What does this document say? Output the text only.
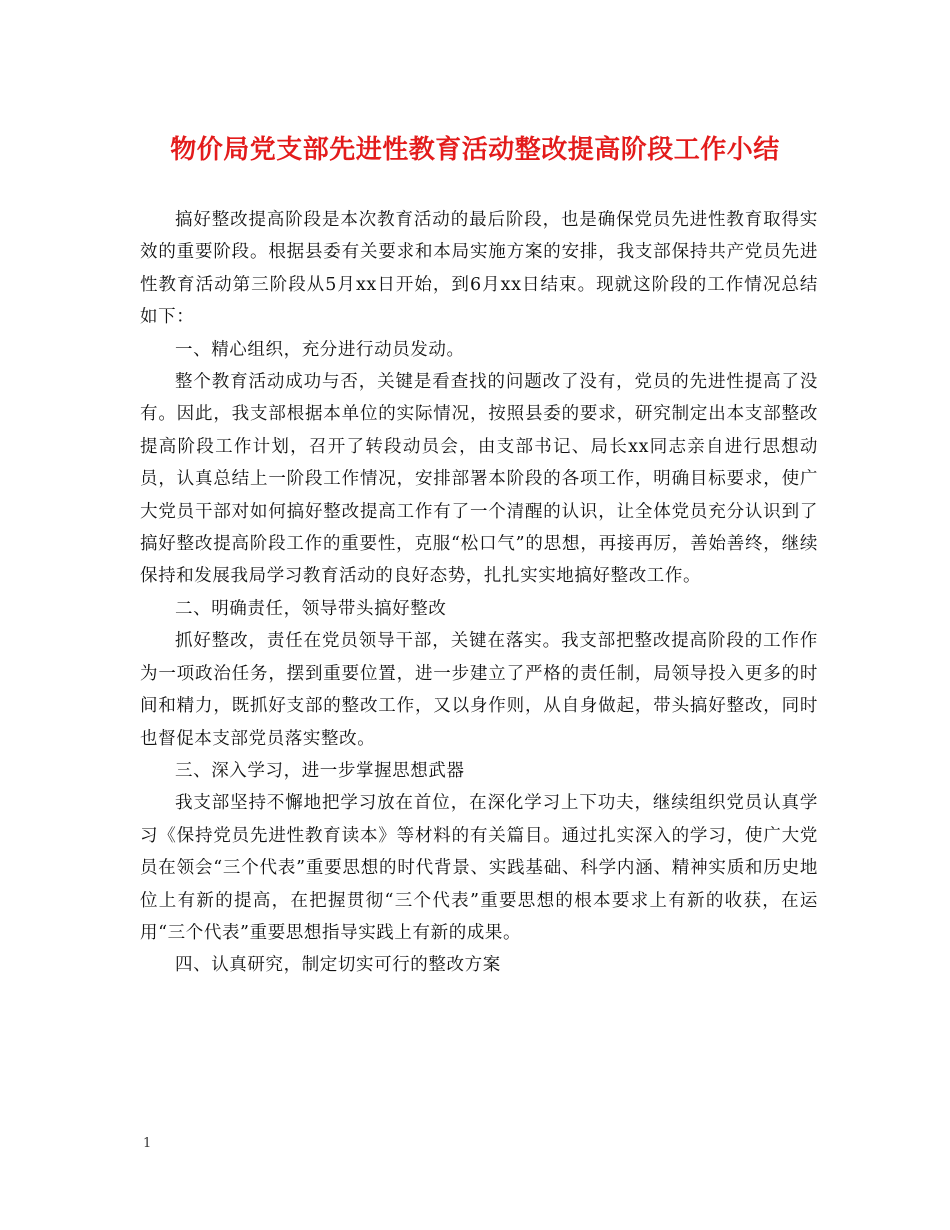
物价局党支部先进性教育活动整改提高阶段工作小结

搞好整改提高阶段是本次教育活动的最后阶段，也是确保党员先进性教育取得实效的重要阶段。根据县委有关要求和本局实施方案的安排，我支部保持共产党员先进性教育活动第三阶段从5月xx日开始，到6月xx日结束。现就这阶段的工作情况总结如下：

一、精心组织，充分进行动员发动。

整个教育活动成功与否，关键是看查找的问题改了没有，党员的先进性提高了没有。因此，我支部根据本单位的实际情况，按照县委的要求，研究制定出本支部整改提高阶段工作计划，召开了转段动员会，由支部书记、局长xx同志亲自进行思想动员，认真总结上一阶段工作情况，安排部署本阶段的各项工作，明确目标要求，使广大党员干部对如何搞好整改提高工作有了一个清醒的认识，让全体党员充分认识到了搞好整改提高阶段工作的重要性，克服“松口气”的思想，再接再厉，善始善终，继续保持和发展我局学习教育活动的良好态势，扎扎实实地搞好整改工作。

二、明确责任，领导带头搞好整改

抓好整改，责任在党员领导干部，关键在落实。我支部把整改提高阶段的工作作为一项政治任务，摆到重要位置，进一步建立了严格的责任制，局领导投入更多的时间和精力，既抓好支部的整改工作，又以身作则，从自身做起，带头搞好整改，同时也督促本支部党员落实整改。

三、深入学习，进一步掌握思想武器

我支部坚持不懈地把学习放在首位，在深化学习上下功夫，继续组织党员认真学习《保持党员先进性教育读本》等材料的有关篇目。通过扎实深入的学习，使广大党员在领会“三个代表”重要思想的时代背景、实践基础、科学内涵、精神实质和历史地位上有新的提高，在把握贯彻“三个代表”重要思想的根本要求上有新的收获，在运用“三个代表”重要思想指导实践上有新的成果。

四、认真研究，制定切实可行的整改方案

1
